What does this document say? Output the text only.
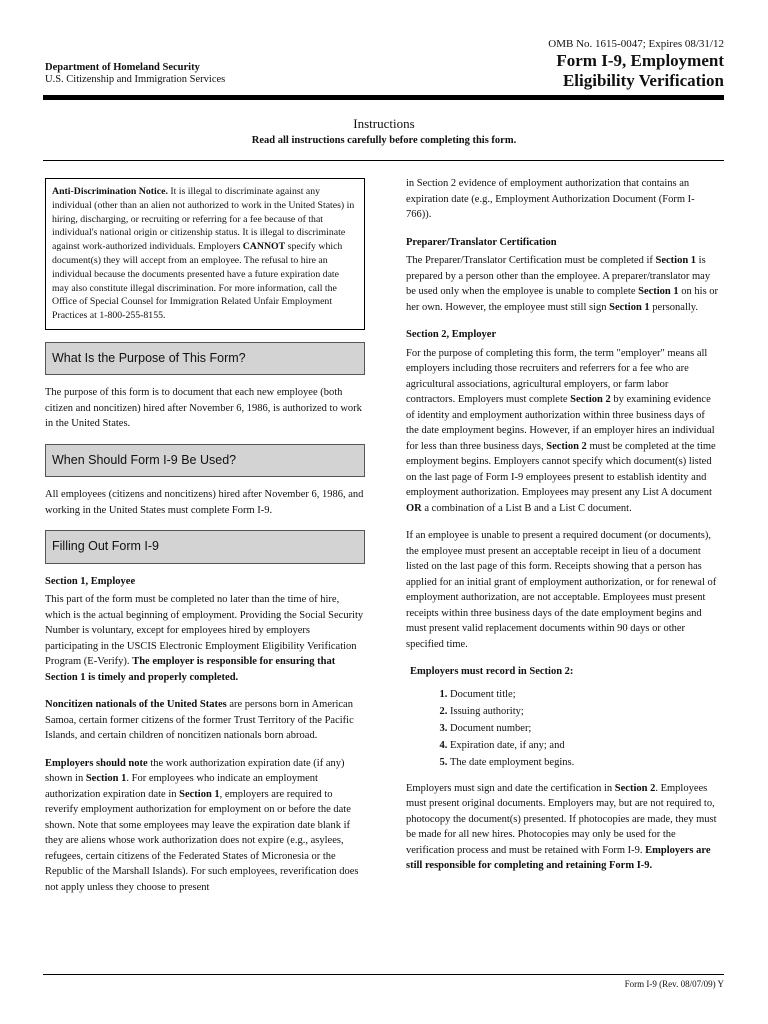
OMB No. 1615-0047; Expires 08/31/12
Form I-9, Employment
Eligibility Verification
Department of Homeland Security
U.S. Citizenship and Immigration Services
Instructions
Read all instructions carefully before completing this form.
Anti-Discrimination Notice. It is illegal to discriminate against any individual (other than an alien not authorized to work in the United States) in hiring, discharging, or recruiting or referring for a fee because of that individual's national origin or citizenship status. It is illegal to discriminate against work-authorized individuals. Employers CANNOT specify which document(s) they will accept from an employee. The refusal to hire an individual because the documents presented have a future expiration date may also constitute illegal discrimination. For more information, call the Office of Special Counsel for Immigration Related Unfair Employment Practices at 1-800-255-8155.
What Is the Purpose of This Form?

The purpose of this form is to document that each new employee (both citizen and noncitizen) hired after November 6, 1986, is authorized to work in the United States.

When Should Form I-9 Be Used?

All employees (citizens and noncitizens) hired after November 6, 1986, and working in the United States must complete Form I-9.

Filling Out Form I-9

Section 1, Employee

This part of the form must be completed no later than the time of hire, which is the actual beginning of employment. Providing the Social Security Number is voluntary, except for employees hired by employers participating in the USCIS Electronic Employment Eligibility Verification Program (E-Verify). The employer is responsible for ensuring that Section 1 is timely and properly completed.

Noncitizen nationals of the United States are persons born in American Samoa, certain former citizens of the former Trust Territory of the Pacific Islands, and certain children of noncitizen nationals born abroad.

Employers should note the work authorization expiration date (if any) shown in Section 1. For employees who indicate an employment authorization expiration date in Section 1, employers are required to reverify employment authorization for employment on or before the date shown. Note that some employees may leave the expiration date blank if they are aliens whose work authorization does not expire (e.g., asylees, refugees, certain citizens of the Federated States of Micronesia or the Republic of the Marshall Islands). For such employees, reverification does not apply unless they choose to present

in Section 2 evidence of employment authorization that contains an expiration date (e.g., Employment Authorization Document (Form I-766)).

Preparer/Translator Certification

The Preparer/Translator Certification must be completed if Section 1 is prepared by a person other than the employee. A preparer/translator may be used only when the employee is unable to complete Section 1 on his or her own. However, the employee must still sign Section 1 personally.

Section 2, Employer

For the purpose of completing this form, the term "employer" means all employers including those recruiters and referrers for a fee who are agricultural associations, agricultural employers, or farm labor contractors. Employers must complete Section 2 by examining evidence of identity and employment authorization within three business days of the date employment begins. However, if an employer hires an individual for less than three business days, Section 2 must be completed at the time employment begins. Employers cannot specify which document(s) listed on the last page of Form I-9 employees present to establish identity and employment authorization. Employees may present any List A document OR a combination of a List B and a List C document.

If an employee is unable to present a required document (or documents), the employee must present an acceptable receipt in lieu of a document listed on the last page of this form. Receipts showing that a person has applied for an initial grant of employment authorization, or for renewal of employment authorization, are not acceptable. Employees must present receipts within three business days of the date employment begins and must present valid replacement documents within 90 days or other specified time.

Employers must record in Section 2:

1. Document title;
2. Issuing authority;
3. Document number;
4. Expiration date, if any; and
5. The date employment begins.

Employers must sign and date the certification in Section 2. Employees must present original documents. Employers may, but are not required to, photocopy the document(s) presented. If photocopies are made, they must be made for all new hires. Photocopies may only be used for the verification process and must be retained with Form I-9. Employers are still responsible for completing and retaining Form I-9.

Form I-9 (Rev. 08/07/09) Y
